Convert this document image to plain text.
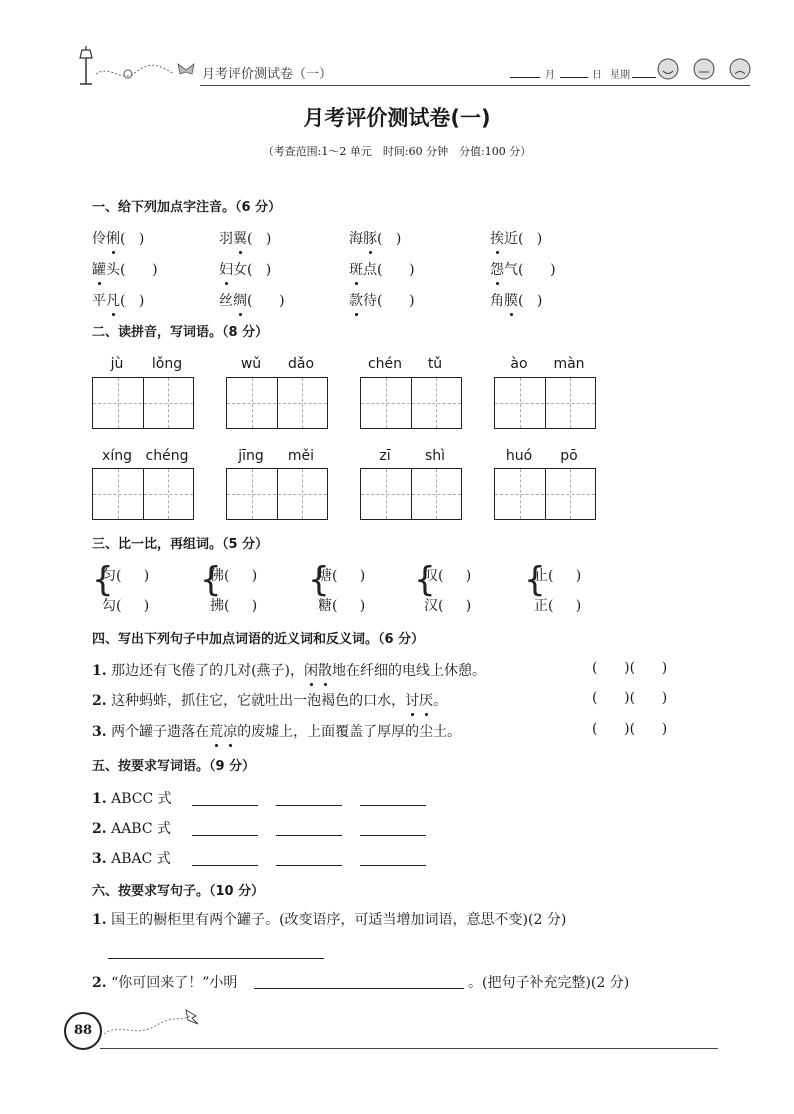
月考评价测试卷（一）	月	日 星期
月考评价测试卷(一)
（考查范围:1～2 单元　时间:60 分钟　分值:100 分）
一、给下列加点字注音。（6 分）
伶俐(   )	羽翼(   )	海豚(   )	挨近(   )
罐头(      )	妇女(   )	斑点(      )	怨气(      )
平凡(   )	丝绸(      )	款待(      )	角膜(   )
二、读拼音，写词语。（8 分）
jù	lǒng	wǔ	dǎo	chén	tǔ	ào	màn
xíng chéng	jīng	měi	zī	shì	huó	pō
三、比一比，再组词。（5 分）
{
匀(     )
勾(     )
{
佛(     )
拂(     )
{
塘(     )
糖(     )
{
叹(     )
汉(     )
{
止(     )
正(     )
四、写出下列句子中加点词语的近义词和反义词。（6 分）
1. 那边还有飞倦了的几对(燕子)，闲散地在纤细的电线上休憩。	(      )(      )
2. 这种蚂蚱，抓住它，它就吐出一泡褐色的口水，讨厌。	(      )(      )
3. 两个罐子遗落在荒凉的废墟上，上面覆盖了厚厚的尘土。	(      )(      )
五、按要求写词语。（9 分）
1. ABCC 式
2. AABC 式
3. ABAC 式
六、按要求写句子。（10 分）
1. 国王的橱柜里有两个罐子。(改变语序，可适当增加词语，意思不变)(2 分)
2. “你可回来了！”小明	。(把句子补充完整)(2 分)
88
